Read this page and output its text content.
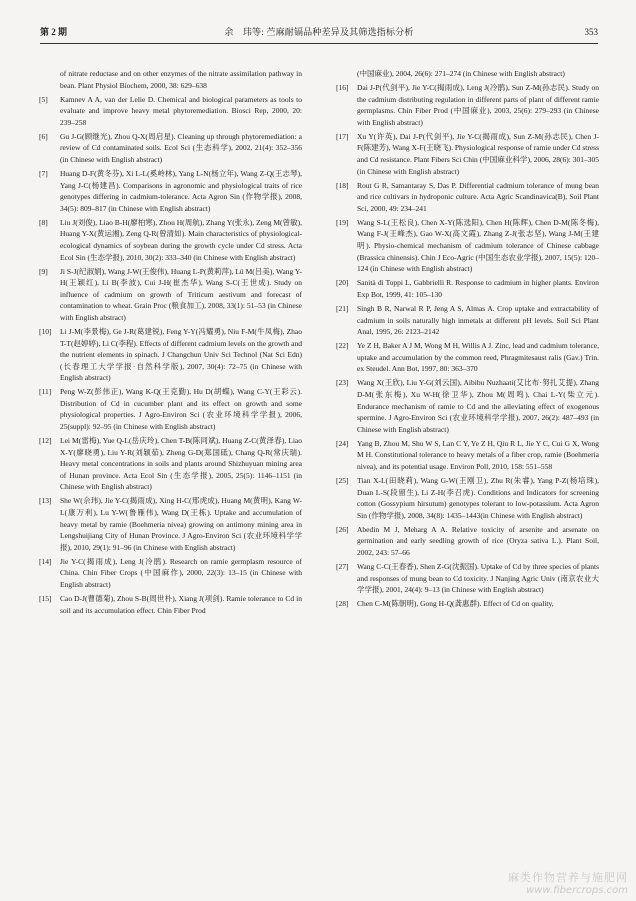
第 2 期	余　玮等: 苎麻耐镉品种差异及其筛选指标分析	353
of nitrate reductase and on other enzymes of the nitrate assimilation pathway in bean. Plant Physiol Biochem, 2000, 38: 629–638
[5] Kamnev A A, van der Lelie D. Chemical and biological parameters as tools to evaluate and improve heavy metal phytoremediation. Biosci Rep, 2000, 20: 239–258
[6] Gu J-G(顾继光), Zhou Q-X(周启星). Cleaning up through phytoremediation: a review of Cd contaminated soils. Ecol Sci (生态科学), 2002, 21(4): 352–356 (in Chinese with English abstract)
[7] Huang D-F(黄冬芬), Xi L-L(奚岭林), Yang L-N(杨立年), Wang Z-Q(王志琴), Yang J-C(杨建昌). Comparisons in agronomic and physiological traits of rice genotypes differing in cadmium-tolerance. Acta Agron Sin (作物学报), 2008, 34(5): 809–817 (in Chinese with English abstract)
[8] Liu J(刘俊), Liao B-H(廖柏寒), Zhou H(周航), Zhang Y(张永), Zeng M(曾敏), Huang Y-X(黄运湘), Zeng Q-R(曾清如). Main characteristics of physiological-ecological dynamics of soybean during the growth cycle under Cd stress. Acta Ecol Sin (生态学报), 2010, 30(2): 333–340 (in Chinese with English abstract)
[9] Ji S-J(纪淑娟), Wang J-W(王俊伟), Huang L-P(黄莉萍), Lü M(吕美), Wang Y-H(王颖红), Li B(李波), Cui J-H(崔杰华), Wang S-C(王世成). Study on influence of cadmium on growth of Triticum aestivum and forecast of contamination to wheat. Grain Proc (粮食加工), 2008, 33(1): 51–53 (in Chinese with English abstract)
[10] Li J-M(李景梅), Ge J-R(葛建锐), Feng Y-Y(冯耀勇), Niu F-M(牛凤梅), Zhao T-T(赵婷婷), Li C(李程). Effects of different cadmium levels on the growth and the nutrient elements in spinach. J Changchun Univ Sci Technol (Nat Sci Edn)(长春理工大学学报·自然科学版), 2007, 30(4): 72–75 (in Chinese with English abstract)
[11] Peng W-Z(彭伟正), Wang K-Q(王克勤), Hu D(胡蝶), Wang C-Y(王彩云). Distribution of Cd in cucumber plant and its effect on growth and some physiological properties. J Agro-Environ Sci (农业环境科学学报), 2006, 25(suppl): 92–95 (in Chinese with English abstract)
[12] Lei M(雷梅), Yue Q-L(岳庆玲), Chen T-B(陈同斌), Huang Z-C(黄泽春), Liao X-Y(廖晓勇), Liu Y-R(刘颖茹), Zheng G-D(郑国砥), Chang Q-R(常庆瑞). Heavy metal concentrations in soils and plants around Shizhuyuan mining area of Hunan province. Acta Ecol Sin (生态学报), 2005, 25(5): 1146–1151 (in Chinese with English abstract)
[13] She W(佘玮), Jie Y-C(揭雨成), Xing H-C(邢虎成), Huang M(黄明), Kang W-L(康万利), Lu Y-W(鲁雁伟), Wang D(王栋). Uptake and accumulation of heavy metal by ramie (Boehmeria nivea) growing on antimony mining area in Lengshuijiang City of Hunan Province. J Agro-Environ Sci (农业环境科学学报), 2010, 29(1): 91–96 (in Chinese with English abstract)
[14] Jie Y-C(揭雨成), Leng J(冷鹃). Research on ramie germplasm resource of China. Chin Fiber Crops (中国麻作), 2000, 22(3): 13–15 (in Chinese with English abstract)
[15] Cao D-J(曹德菊), Zhou S-B(周世朴), Xiang J(项剑). Ramie tolerance to Cd in soil and its accumulation effect. Chin Fiber Prod
(中国麻业), 2004, 26(6): 271–274 (in Chinese with English abstract)
[16] Dai J-P(代剑平), Jie Y-C(揭雨成), Leng J(冷鹃), Sun Z-M(孙志民). Study on the cadmium distributing regulation in different parts of plant of different ramie germplasms. Chin Fiber Prod (中国麻业), 2003, 25(6): 279–293 (in Chinese with English abstract)
[17] Xu Y(许英), Dai J-P(代剑平), Jie Y-C(揭雨成), Sun Z-M(孙志民), Chen J-F(陈建芳), Wang X-F(王晓飞). Physiological response of ramie under Cd stress and Cd resistance. Plant Fibers Sci Chin (中国麻业科学), 2006, 28(6): 301–305 (in Chinese with English abstract)
[18] Rout G R, Samantaray S, Das P. Differential cadmium tolerance of mung bean and rice cultivars in hydroponic culture. Acta Agric Scandinavica(B), Soil Plant Sci, 2000, 49: 234–241
[19] Wang S-L(王松良), Chen X-Y(陈选阳), Chen H(陈辉), Chen D-M(陈冬梅), Wang F-J(王峰杰), Gao W-X(高文霞), Zhang Z-J(张志坚), Wang J-M(王建明). Physio-chemical mechanism of cadmium tolerance of Chinese cabbage (Brassica chinensis). Chin J Eco-Agric (中国生态农业学报), 2007, 15(5): 120–124 (in Chinese with English abstract)
[20] Sanità di Toppi L, Gabbrielli R. Response to cadmium in higher plants. Environ Exp Bot, 1999, 41: 105–130
[21] Singh B R, Narwal R P, Jeng A S, Almas A. Crop uptake and extractability of cadmium in soils naturally high inmetals at different pH levels. Soil Sci Plant Anal, 1995, 26: 2123–2142
[22] Ye Z H, Baker A J M, Wong M H, Willis A J. Zinc, lead and cadmium tolerance, uptake and accumulation by the common reed, Phragmitesaust ralis (Gav.) Trin. ex Steudel. Ann Bot, 1997, 80: 363–370
[23] Wang X(王欣), Liu Y-G(刘云国), Aibibu Nuzhaati(艾比布·努扎艾提), Zhang D-M(张东梅), Xu W-H(徐卫华), Zhou M(周鸣), Chai L-Y(柴立元). Endurance mechanism of ramie to Cd and the alleviating effect of exogenous spermine. J Agro-Environ Sci (农业环境科学学报), 2007, 26(2): 487–493 (in Chinese with English abstract)
[24] Yang B, Zhou M, Shu W S, Lan C Y, Ye Z H, Qiu R L, Jie Y C, Cui G X, Wong M H. Constitutional tolerance to heavy metals of a fiber crop, ramie (Boehmeria nivea), and its potential usage. Environ Poll, 2010, 158: 551–558
[25] Tian X-L(田晓莉), Wang G-W(王刚卫), Zhu R(朱睿), Yang P-Z(杨培珠), Duan L-S(段留生), Li Z-H(李召虎). Conditions and Indicators for screening cotton (Gossypium hirsutum) genotypes tolerant to low-potassium. Acta Agron Sin (作物学报), 2008, 34(8): 1435–1443(in Chinese with English abstract)
[26] Abedin M J, Meharg A A. Relative toxicity of arsenite and arsenate on germination and early seedling growth of rice (Oryza sativa L.). Plant Soil, 2002, 243: 57–66
[27] Wang C-C(王春香), Shen Z-G(沈振国). Uptake of Cd by three species of plants and responses of mung bean to Cd toxicity. J Nanjing Agric Univ (南京农业大学学报), 2001, 24(4): 9–13 (in Chinese with English abstract)
[28] Chen C-M(陈朝明), Gong H-Q(龚惠群). Effect of Cd on quality,
麻类作物营养与施肥网
www.fibercrops.com
